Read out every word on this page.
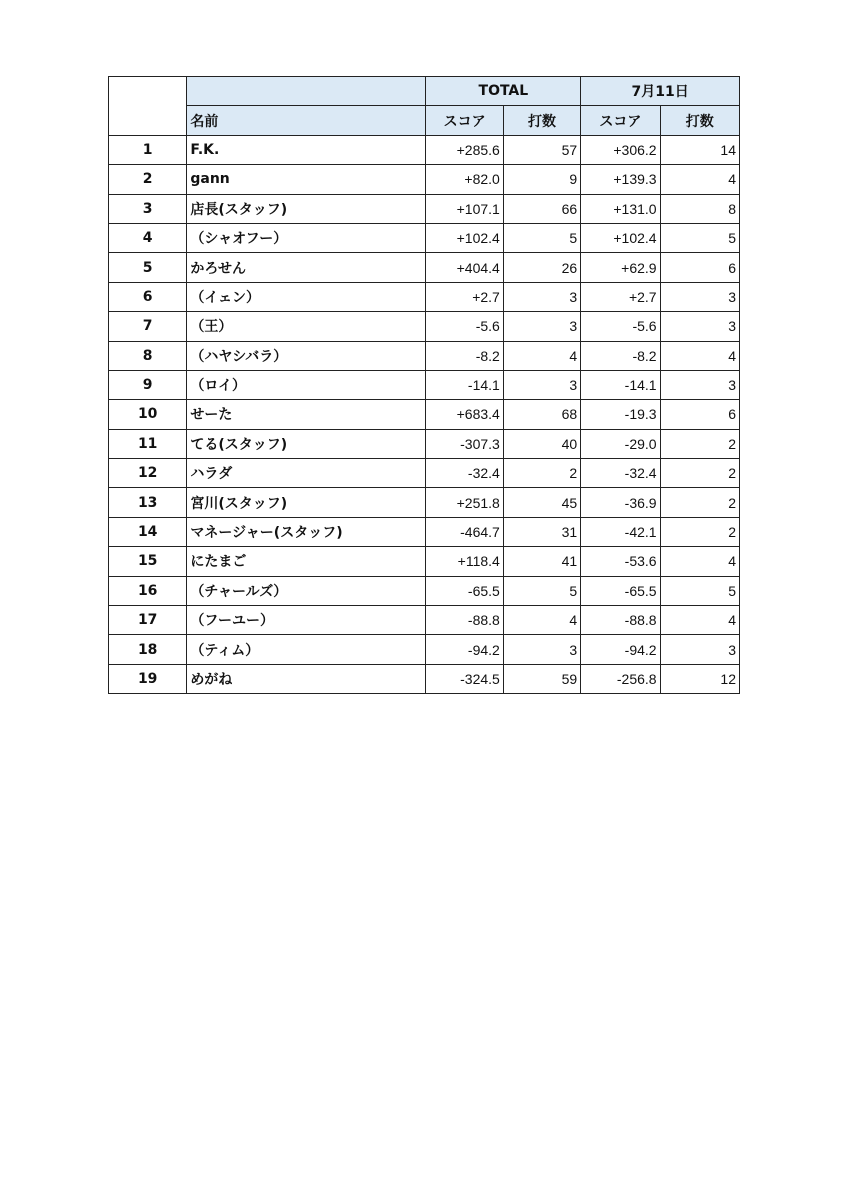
		TOTAL		7月11日	
	名前	スコア	打数	スコア	打数
1	F.K.	+285.6	57	+306.2	14
2	gann	+82.0	9	+139.3	4
3	店長(スタッフ)	+107.1	66	+131.0	8
4	（シャオフー）	+102.4	5	+102.4	5
5	かろせん	+404.4	26	+62.9	6
6	（イェン）	+2.7	3	+2.7	3
7	（王）	-5.6	3	-5.6	3
8	（ハヤシバラ）	-8.2	4	-8.2	4
9	（ロイ）	-14.1	3	-14.1	3
10	せーた	+683.4	68	-19.3	6
11	てる(スタッフ)	-307.3	40	-29.0	2
12	ハラダ	-32.4	2	-32.4	2
13	宮川(スタッフ)	+251.8	45	-36.9	2
14	マネージャー(スタッフ)	-464.7	31	-42.1	2
15	にたまご	+118.4	41	-53.6	4
16	（チャールズ）	-65.5	5	-65.5	5
17	（フーユー）	-88.8	4	-88.8	4
18	（ティム）	-94.2	3	-94.2	3
19	めがね	-324.5	59	-256.8	12
